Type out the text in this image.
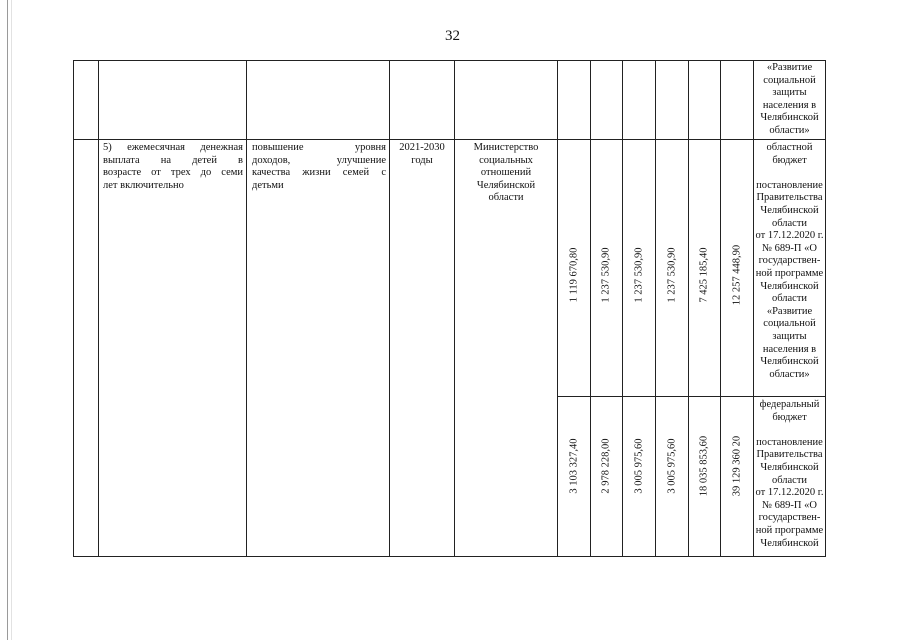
32
«Развитие
социальной
защиты
населения в
Челябинской
области»
5) ежемесячная денежная
выплата на детей в
возрасте от трех до семи
лет включительно
повышение уровня
доходов, улучшение
качества жизни семей с
детьми
2021-2030
годы
Министерство
социальных
отношений
Челябинской
области
1 119 670,80 1 237 530,90 1 237 530,90 1 237 530,90 7 425 185,40 12 257 448,90
областной
бюджет
постановление
Правительства
Челябинской
области
от 17.12.2020 г.
№ 689-П «О
государствен-
ной программе
Челябинской
области
«Развитие
социальной
защиты
населения в
Челябинской
области»
3 103 327,40 2 978 228,00 3 005 975,60 3 005 975,60 18 035 853,60 39 129 360 20
федеральный
бюджет
постановление
Правительства
Челябинской
области
от 17.12.2020 г.
№ 689-П «О
государствен-
ной программе
Челябинской
